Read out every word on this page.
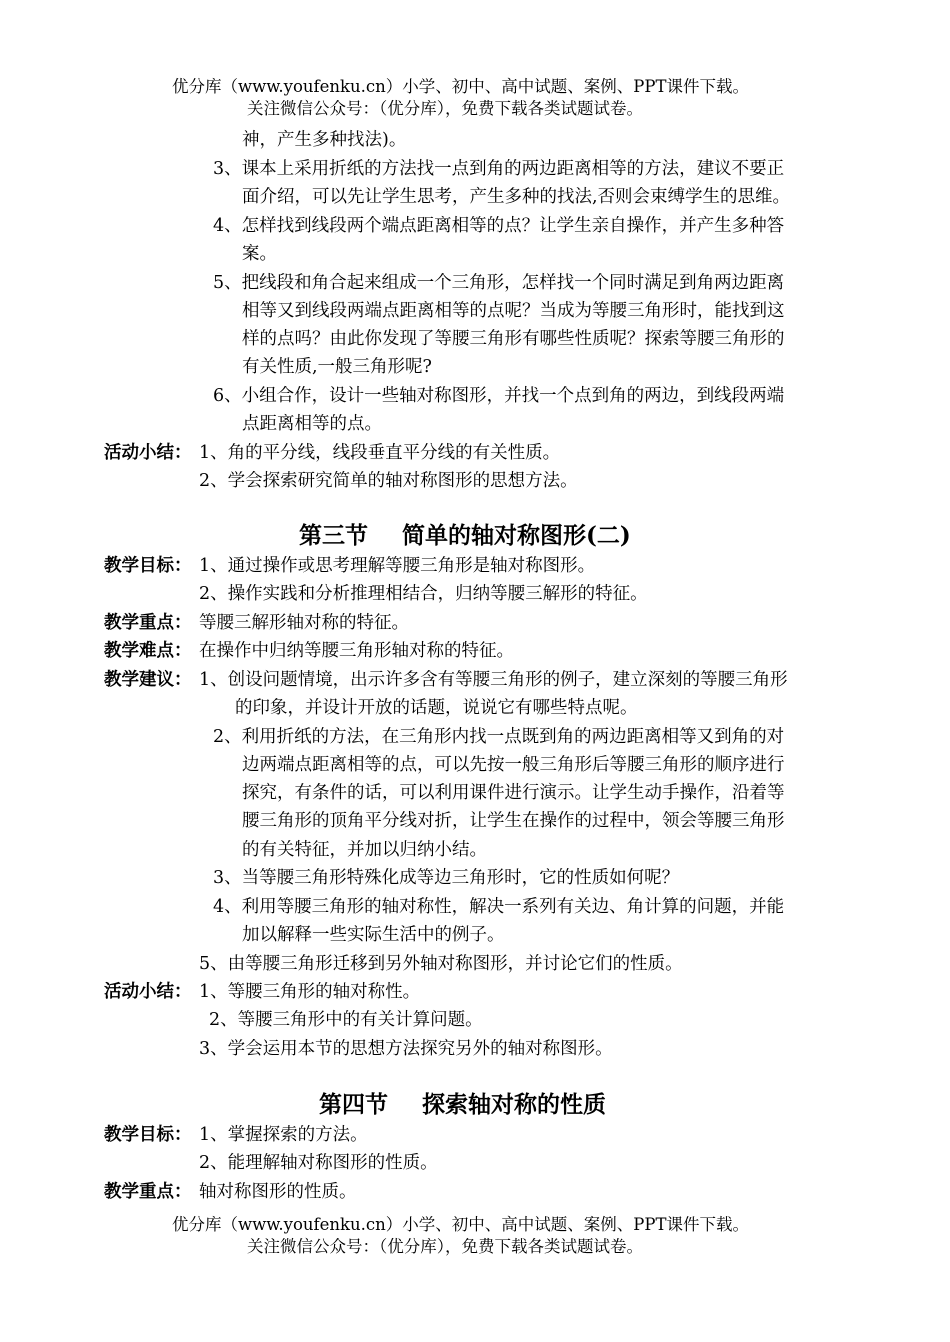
优分库（www.youfenku.cn）小学、初中、高中试题、案例、PPT课件下载。
关注微信公众号：（优分库），免费下载各类试题试卷。
神，产生多种找法)。
3、课本上采用折纸的方法找一点到角的两边距离相等的方法，建议不要正
面介绍，可以先让学生思考，产生多种的找法,否则会束缚学生的思维。
4、怎样找到线段两个端点距离相等的点？让学生亲自操作，并产生多种答
案。
5、把线段和角合起来组成一个三角形，怎样找一个同时满足到角两边距离
相等又到线段两端点距离相等的点呢？当成为等腰三角形时，能找到这
样的点吗？由此你发现了等腰三角形有哪些性质呢？探索等腰三角形的
有关性质,一般三角形呢?
6、小组合作，设计一些轴对称图形，并找一个点到角的两边，到线段两端
点距离相等的点。
活动小结： 1、角的平分线，线段垂直平分线的有关性质。
2、学会探索研究简单的轴对称图形的思想方法。
第三节 简单的轴对称图形(二)
教学目标： 1、通过操作或思考理解等腰三角形是轴对称图形。
2、操作实践和分析推理相结合，归纳等腰三解形的特征。
教学重点： 等腰三解形轴对称的特征。
教学难点： 在操作中归纳等腰三角形轴对称的特征。
教学建议： 1、创设问题情境，出示许多含有等腰三角形的例子，建立深刻的等腰三角形
的印象，并设计开放的话题，说说它有哪些特点呢。
2、利用折纸的方法，在三角形内找一点既到角的两边距离相等又到角的对
边两端点距离相等的点，可以先按一般三角形后等腰三角形的顺序进行
探究，有条件的话，可以利用课件进行演示。让学生动手操作，沿着等
腰三角形的顶角平分线对折，让学生在操作的过程中，领会等腰三角形
的有关特征，并加以归纳小结。
3、当等腰三角形特殊化成等边三角形时，它的性质如何呢？
4、利用等腰三角形的轴对称性，解决一系列有关边、角计算的问题，并能
加以解释一些实际生活中的例子。
5、由等腰三角形迁移到另外轴对称图形，并讨论它们的性质。
活动小结： 1、等腰三角形的轴对称性。
2、等腰三角形中的有关计算问题。
3、学会运用本节的思想方法探究另外的轴对称图形。
第四节 探索轴对称的性质
教学目标： 1、掌握探索的方法。
2、能理解轴对称图形的性质。
教学重点： 轴对称图形的性质。
优分库（www.youfenku.cn）小学、初中、高中试题、案例、PPT课件下载。
关注微信公众号：（优分库），免费下载各类试题试卷。
